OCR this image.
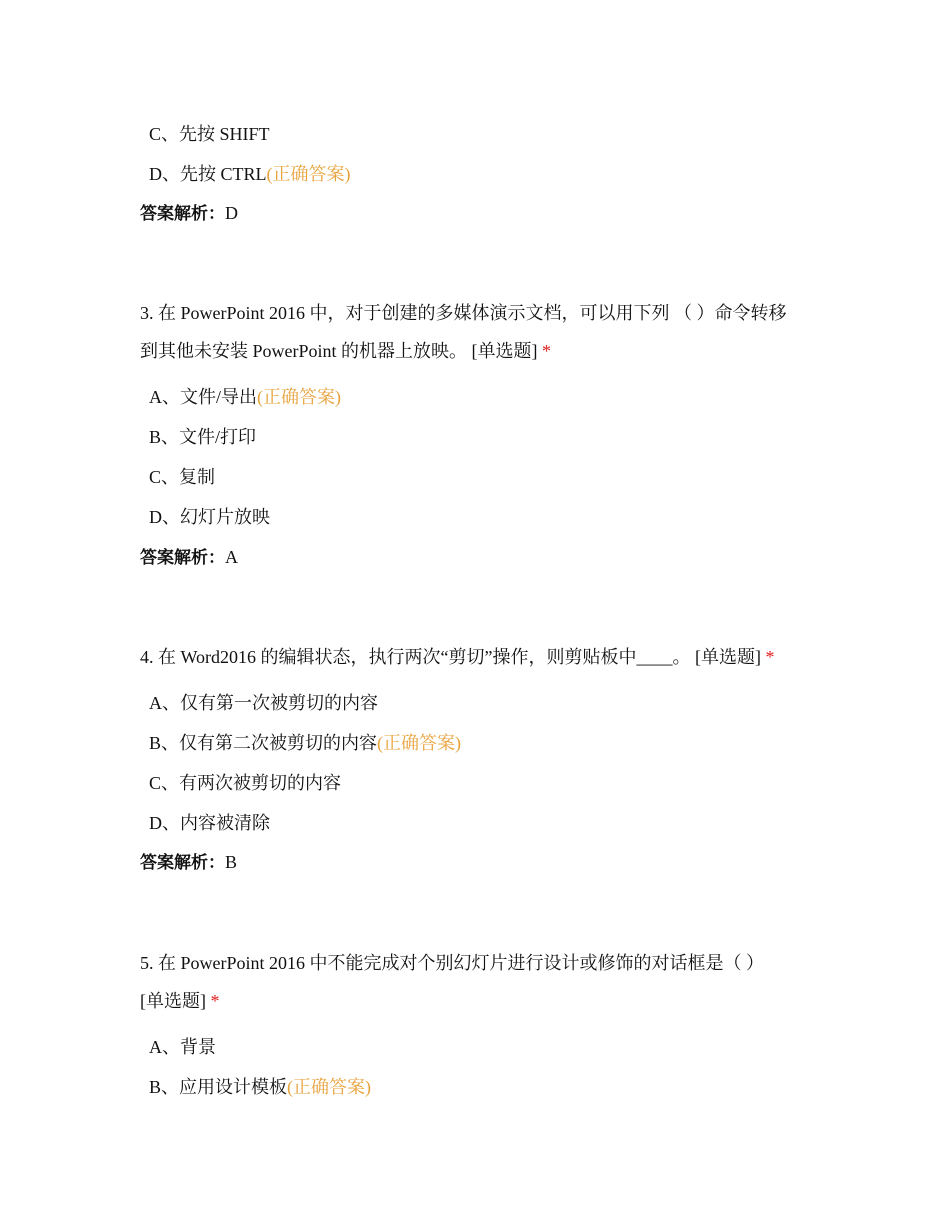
C、先按 SHIFT
D、先按 CTRL(正确答案)
答案解析：D
3. 在 PowerPoint 2016 中，对于创建的多媒体演示文档，可以用下列 （ ）命令转移
到其他未安装 PowerPoint 的机器上放映。 [单选题] *
A、文件/导出(正确答案)
B、文件/打印
C、复制
D、幻灯片放映
答案解析：A
4. 在 Word2016 的编辑状态，执行两次“剪切”操作，则剪贴板中____。 [单选题] *
A、仅有第一次被剪切的内容
B、仅有第二次被剪切的内容(正确答案)
C、有两次被剪切的内容
D、内容被清除
答案解析：B
5. 在 PowerPoint 2016 中不能完成对个别幻灯片进行设计或修饰的对话框是（ ）
[单选题] *
A、背景
B、应用设计模板(正确答案)
